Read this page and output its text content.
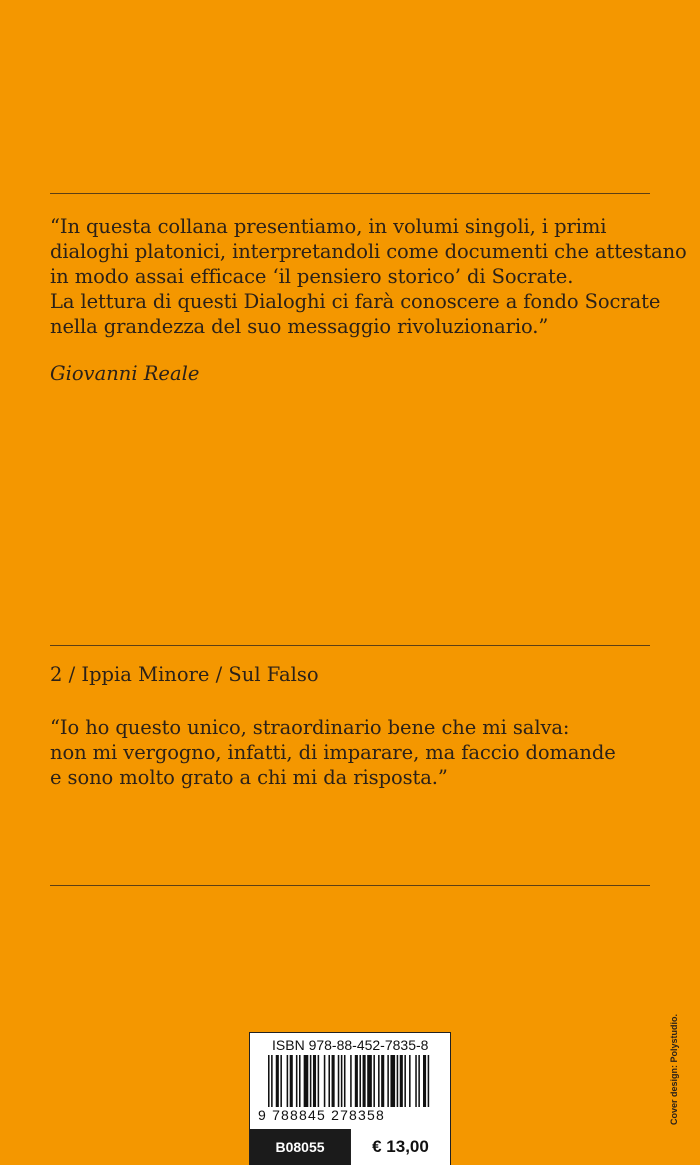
“In questa collana presentiamo, in volumi singoli, i primi
dialoghi platonici, interpretandoli come documenti che attestano
in modo assai efficace ‘il pensiero storico’ di Socrate.
La lettura di questi Dialoghi ci farà conoscere a fondo Socrate
nella grandezza del suo messaggio rivoluzionario.”
Giovanni Reale
2 / Ippia Minore / Sul Falso
“Io ho questo unico, straordinario bene che mi salva:
non mi vergogno, infatti, di imparare, ma faccio domande
e sono molto grato a chi mi da risposta.”
Cover design: Polystudio.
ISBN 978-88-452-7835-8
9 788845 278358
B08055	€ 13,00
